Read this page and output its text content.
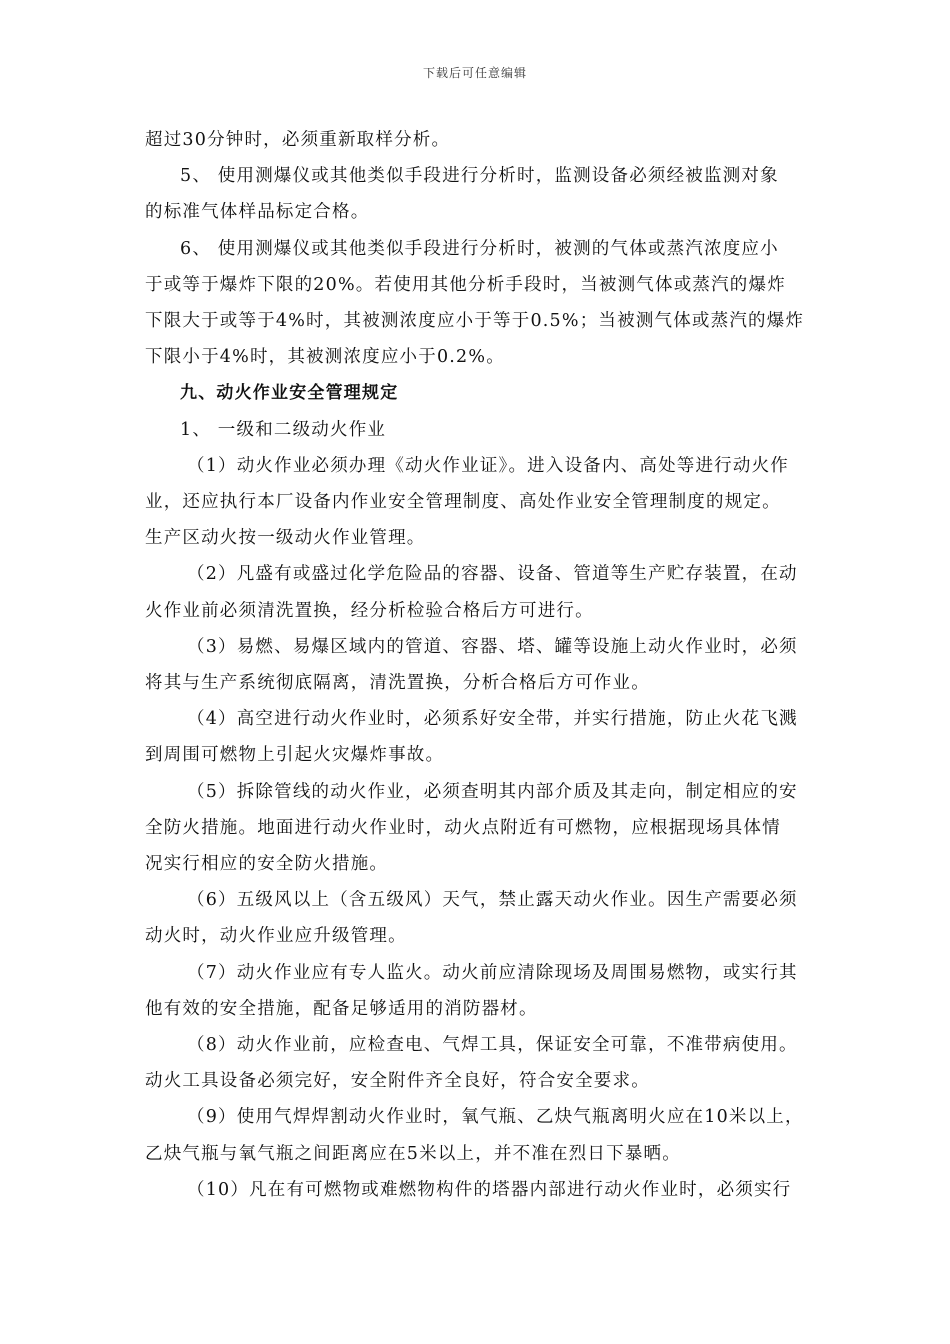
下载后可任意编辑

超过30分钟时，必须重新取样分析。

5、 使用测爆仪或其他类似手段进行分析时，监测设备必须经被监测对象

的标准气体样品标定合格。

6、 使用测爆仪或其他类似手段进行分析时，被测的气体或蒸汽浓度应小

于或等于爆炸下限的20%。若使用其他分析手段时，当被测气体或蒸汽的爆炸

下限大于或等于4%时，其被测浓度应小于等于0.5%；当被测气体或蒸汽的爆炸

下限小于4%时，其被测浓度应小于0.2%。

九、动火作业安全管理规定

1、 一级和二级动火作业

（1）动火作业必须办理《动火作业证》。进入设备内、高处等进行动火作

业，还应执行本厂设备内作业安全管理制度、高处作业安全管理制度的规定。

生产区动火按一级动火作业管理。

（2）凡盛有或盛过化学危险品的容器、设备、管道等生产贮存装置，在动

火作业前必须清洗置换，经分析检验合格后方可进行。

（3）易燃、易爆区域内的管道、容器、塔、罐等设施上动火作业时，必须

将其与生产系统彻底隔离，清洗置换，分析合格后方可作业。

（4）高空进行动火作业时，必须系好安全带，并实行措施，防止火花飞溅

到周围可燃物上引起火灾爆炸事故。

（5）拆除管线的动火作业，必须查明其内部介质及其走向，制定相应的安

全防火措施。地面进行动火作业时，动火点附近有可燃物，应根据现场具体情

况实行相应的安全防火措施。

（6）五级风以上（含五级风）天气，禁止露天动火作业。因生产需要必须

动火时，动火作业应升级管理。

（7）动火作业应有专人监火。动火前应清除现场及周围易燃物，或实行其

他有效的安全措施，配备足够适用的消防器材。

（8）动火作业前，应检查电、气焊工具，保证安全可靠，不准带病使用。

动火工具设备必须完好，安全附件齐全良好，符合安全要求。

（9）使用气焊焊割动火作业时，氧气瓶、乙炔气瓶离明火应在10米以上，

乙炔气瓶与氧气瓶之间距离应在5米以上，并不准在烈日下暴晒。

（10）凡在有可燃物或难燃物构件的塔器内部进行动火作业时，必须实行
